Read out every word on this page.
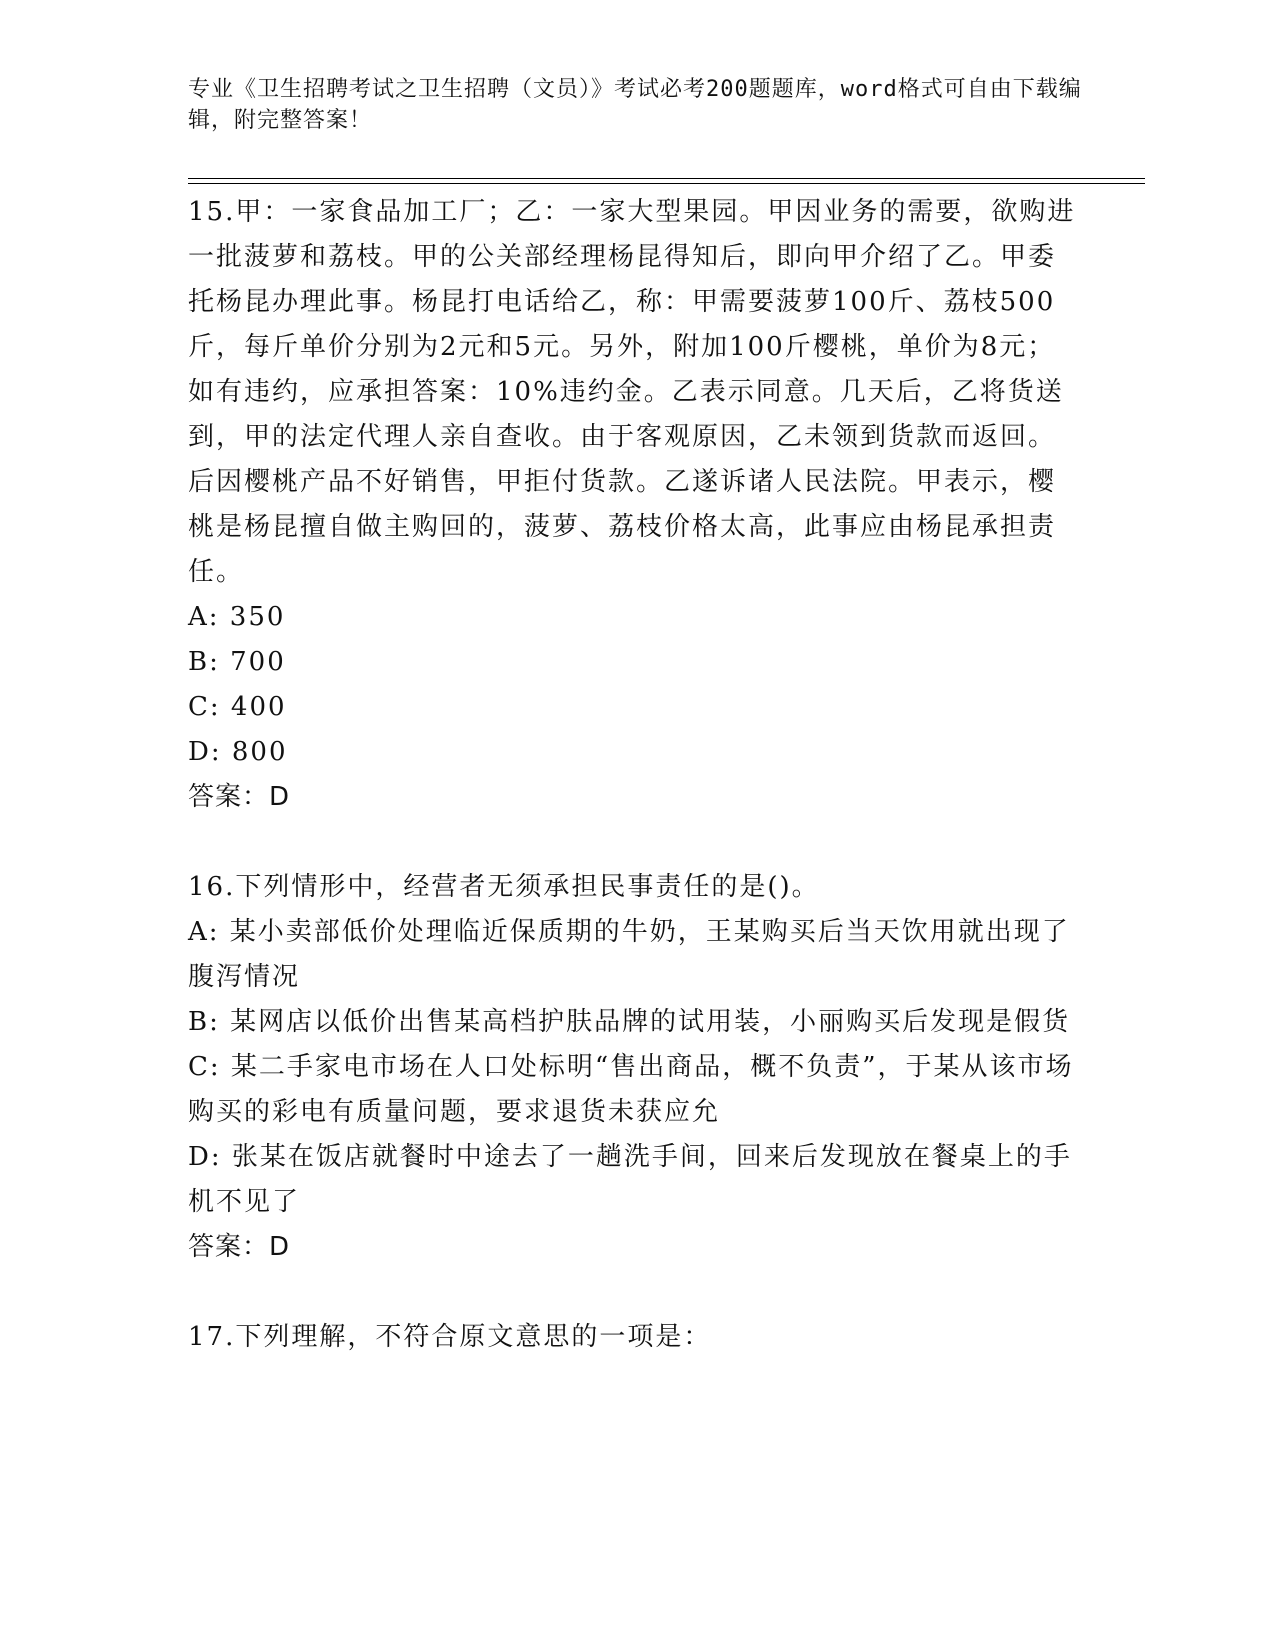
专业《卫生招聘考试之卫生招聘（文员）》考试必考200题题库，word格式可自由下载编辑，附完整答案！

15.甲：一家食品加工厂；乙：一家大型果园。甲因业务的需要，欲购进一批菠萝和荔枝。甲的公关部经理杨昆得知后，即向甲介绍了乙。甲委托杨昆办理此事。杨昆打电话给乙，称：甲需要菠萝100斤、荔枝500斤，每斤单价分别为2元和5元。另外，附加100斤樱桃，单价为8元；如有违约，应承担答案：10%违约金。乙表示同意。几天后，乙将货送到，甲的法定代理人亲自查收。由于客观原因，乙未领到货款而返回。后因樱桃产品不好销售，甲拒付货款。乙遂诉诸人民法院。甲表示，樱桃是杨昆擅自做主购回的，菠萝、荔枝价格太高，此事应由杨昆承担责任。

A: 350

B: 700

C: 400

D: 800

答案：D

16.下列情形中，经营者无须承担民事责任的是()。

A: 某小卖部低价处理临近保质期的牛奶，王某购买后当天饮用就出现了腹泻情况

B: 某网店以低价出售某高档护肤品牌的试用装，小丽购买后发现是假货

C: 某二手家电市场在人口处标明“售出商品，概不负责”，于某从该市场购买的彩电有质量问题，要求退货未获应允

D: 张某在饭店就餐时中途去了一趟洗手间，回来后发现放在餐桌上的手机不见了

答案：D

17.下列理解，不符合原文意思的一项是：
